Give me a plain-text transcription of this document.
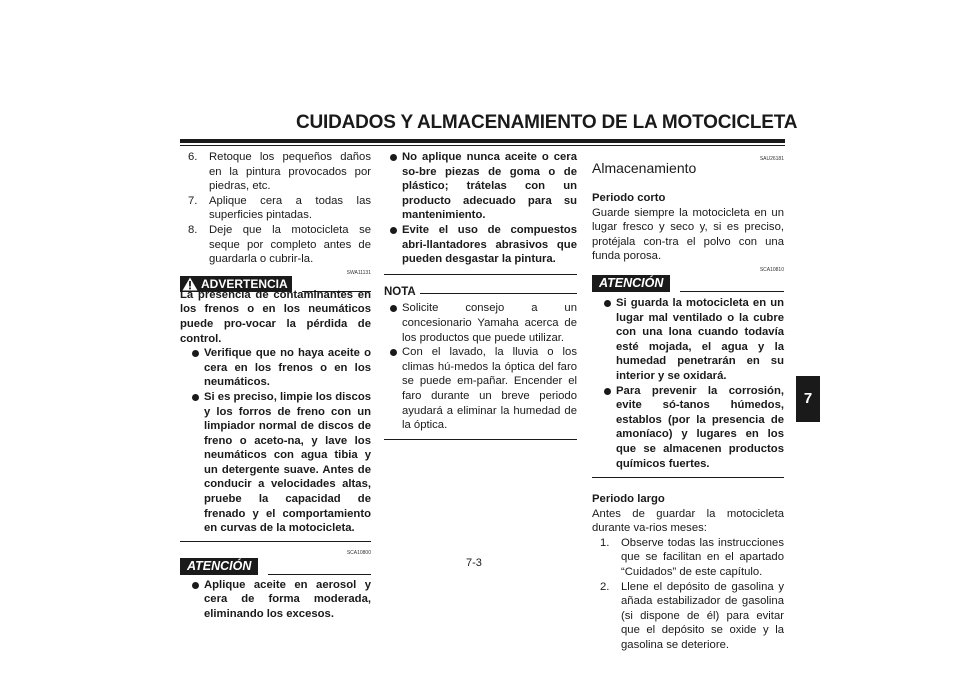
CUIDADOS Y ALMACENAMIENTO DE LA MOTOCICLETA
7
6.	Retoque los pequeños daños en la pintura provocados por piedras, etc.
7.	Aplique cera a todas las superficies pintadas.
8.	Deje que la motocicleta se seque por completo antes de guardarla o cubrir-la.
ADVERTENCIA
SWA11131
La presencia de contaminantes en los frenos o en los neumáticos puede pro-vocar la pérdida de control.
Verifique que no haya aceite o cera en los frenos o en los neumáticos.
Si es preciso, limpie los discos y los forros de freno con un limpiador normal de discos de freno o aceto-na, y lave los neumáticos con agua tibia y un detergente suave. Antes de conducir a velocidades altas, pruebe la capacidad de frenado y el comportamiento en curvas de la motocicleta.
SCA10800
ATENCIÓN
Aplique aceite en aerosol y cera de forma moderada, eliminando los excesos.
No aplique nunca aceite o cera so-bre piezas de goma o de plástico; trátelas con un producto adecuado para su mantenimiento.
Evite el uso de compuestos abri-llantadores abrasivos que pueden desgastar la pintura.
NOTA
Solicite consejo a un concesionario Yamaha acerca de los productos que puede utilizar.
Con el lavado, la lluvia o los climas hú-medos la óptica del faro se puede em-pañar. Encender el faro durante un breve periodo ayudará a eliminar la humedad de la óptica.
SAU26181
Almacenamiento
Periodo corto
Guarde siempre la motocicleta en un lugar fresco y seco y, si es preciso, protéjala con-tra el polvo con una funda porosa.
SCA10810
ATENCIÓN
Si guarda la motocicleta en un lugar mal ventilado o la cubre con una lona cuando todavía esté mojada, el agua y la humedad penetrarán en su interior y se oxidará.
Para prevenir la corrosión, evite só-tanos húmedos, establos (por la presencia de amoníaco) y lugares en los que se almacenen productos químicos fuertes.
Periodo largo
Antes de guardar la motocicleta durante va-rios meses:
1.	Observe todas las instrucciones que se facilitan en el apartado “Cuidados” de este capítulo.
2.	Llene el depósito de gasolina y añada estabilizador de gasolina (si dispone de él) para evitar que el depósito se oxide y la gasolina se deteriore.
7-3
